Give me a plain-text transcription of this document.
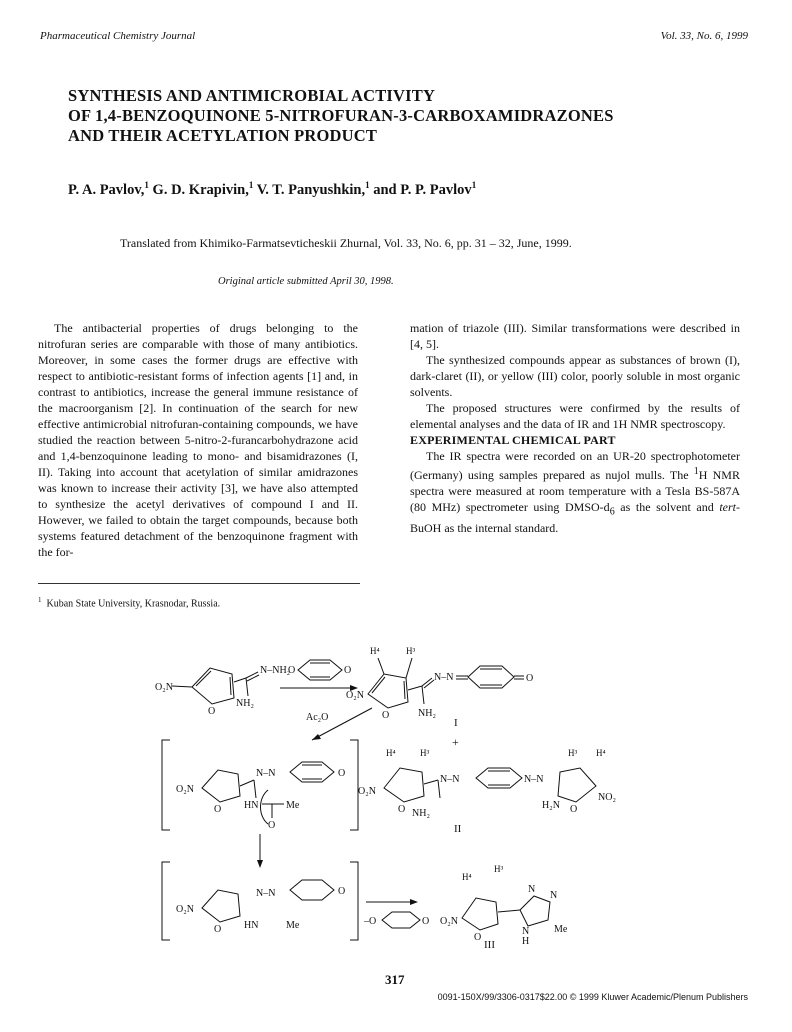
Pharmaceutical Chemistry Journal	Vol. 33, No. 6, 1999
SYNTHESIS AND ANTIMICROBIAL ACTIVITY
OF 1,4-BENZOQUINONE 5-NITROFURAN-3-CARBOXAMIDRAZONES
AND THEIR ACETYLATION PRODUCT
P. A. Pavlov,$^1$ G. D. Krapivin,$^1$ V. T. Panyushkin,$^1$ and P. P. Pavlov$^1$
Translated from Khimiko-Farmatsevticheskii Zhurnal, Vol. 33, No. 6, pp. 31 – 32, June, 1999.
Original article submitted April 30, 1998.

The antibacterial properties of drugs belonging to the nitrofuran series are comparable with those of many antibiotics. Moreover, in some cases the former drugs are effective with respect to antibiotic-resistant forms of infection agents [1] and, in contrast to antibiotics, increase the general immune resistance of the macroorganism [2]. In continuation of the search for new effective antimicrobial nitrofuran-containing compounds, we have studied the reaction between 5-nitro-2-furancarbohydrazone acid and 1,4-benzoquinone leading to mono- and bisamidrazones (I, II). Taking into account that acetylation of similar amidrazones was known to increase their activity [3], we have also attempted to synthesize the acetyl derivatives of compound I and II. However, we failed to obtain the target compounds, because both systems featured detachment of the benzoquinone fragment with the for-

$^1$ Kuban State University, Krasnodar, Russia.

mation of triazole (III). Similar transformations were described in [4, 5].

The synthesized compounds appear as substances of brown (I), dark-claret (II), or yellow (III) color, poorly soluble in most organic solvents.

The proposed structures were confirmed by the results of elemental analyses and the data of IR and 1H NMR spectroscopy.

EXPERIMENTAL CHEMICAL PART

The IR spectra were recorded on an UR-20 spectrophotometer (Germany) using samples prepared as nujol mulls. The $^1$H NMR spectra were measured at room temperature with a Tesla BS-587A (80 MHz) spectrometer using DMSO-$d_6$ as the solvent and tert-BuOH as the internal standard.

O₂N
O
N–NH₂
NH₂
O	O
O₂N
O
H⁴	H³
N–N	O
NH₂
I
+
Ac₂O
O₂N
O
N–N	O
HN	Me
O
H⁴	H³
O₂N
O
N–N	N–N
O
H³ H⁴
NO₂
NH₂
H₂N
II
O₂N
O
N–N	O
HN	Me	–O	O O₂N
O
H⁴
H³
N
N
N
H
Me
III
317
0091-150X/99/3306-0317$22.00 © 1999 Kluwer Academic/Plenum Publishers
